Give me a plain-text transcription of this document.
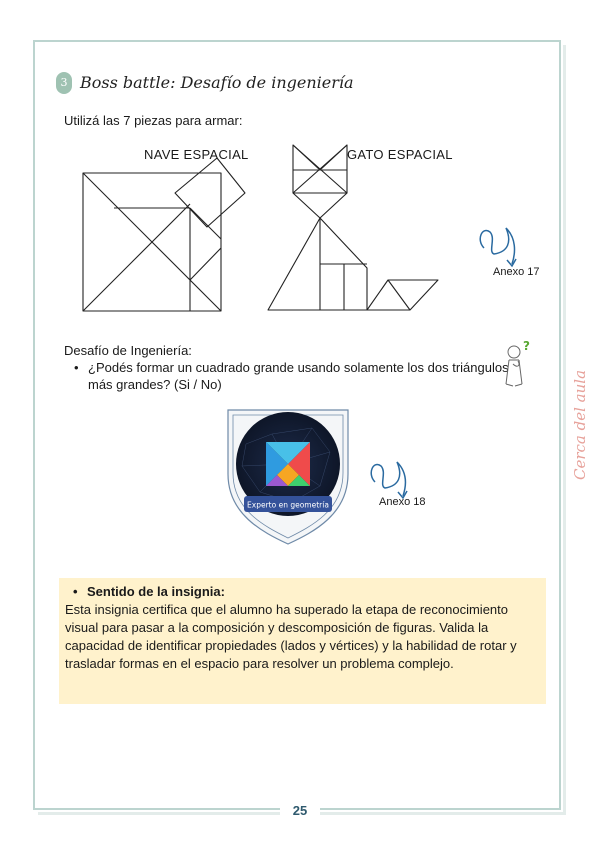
3 Boss battle: Desafío de ingeniería
Utilizá las 7 piezas para armar:
NAVE ESPACIAL	GATO ESPACIAL
Anexo 17
Desafío de Ingeniería:
• ¿Podés formar un cuadrado grande usando solamente los dos triángulos más grandes? (Si / No)
?
Experto en geometría	Anexo 18
Cerca del aula
• Sentido de la insignia:
Esta insignia certifica que el alumno ha superado la etapa de reconocimiento visual para pasar a la composición y descomposición de figuras. Valida la capacidad de identificar propiedades (lados y vértices) y la habilidad de rotar y trasladar formas en el espacio para resolver un problema complejo.
25
